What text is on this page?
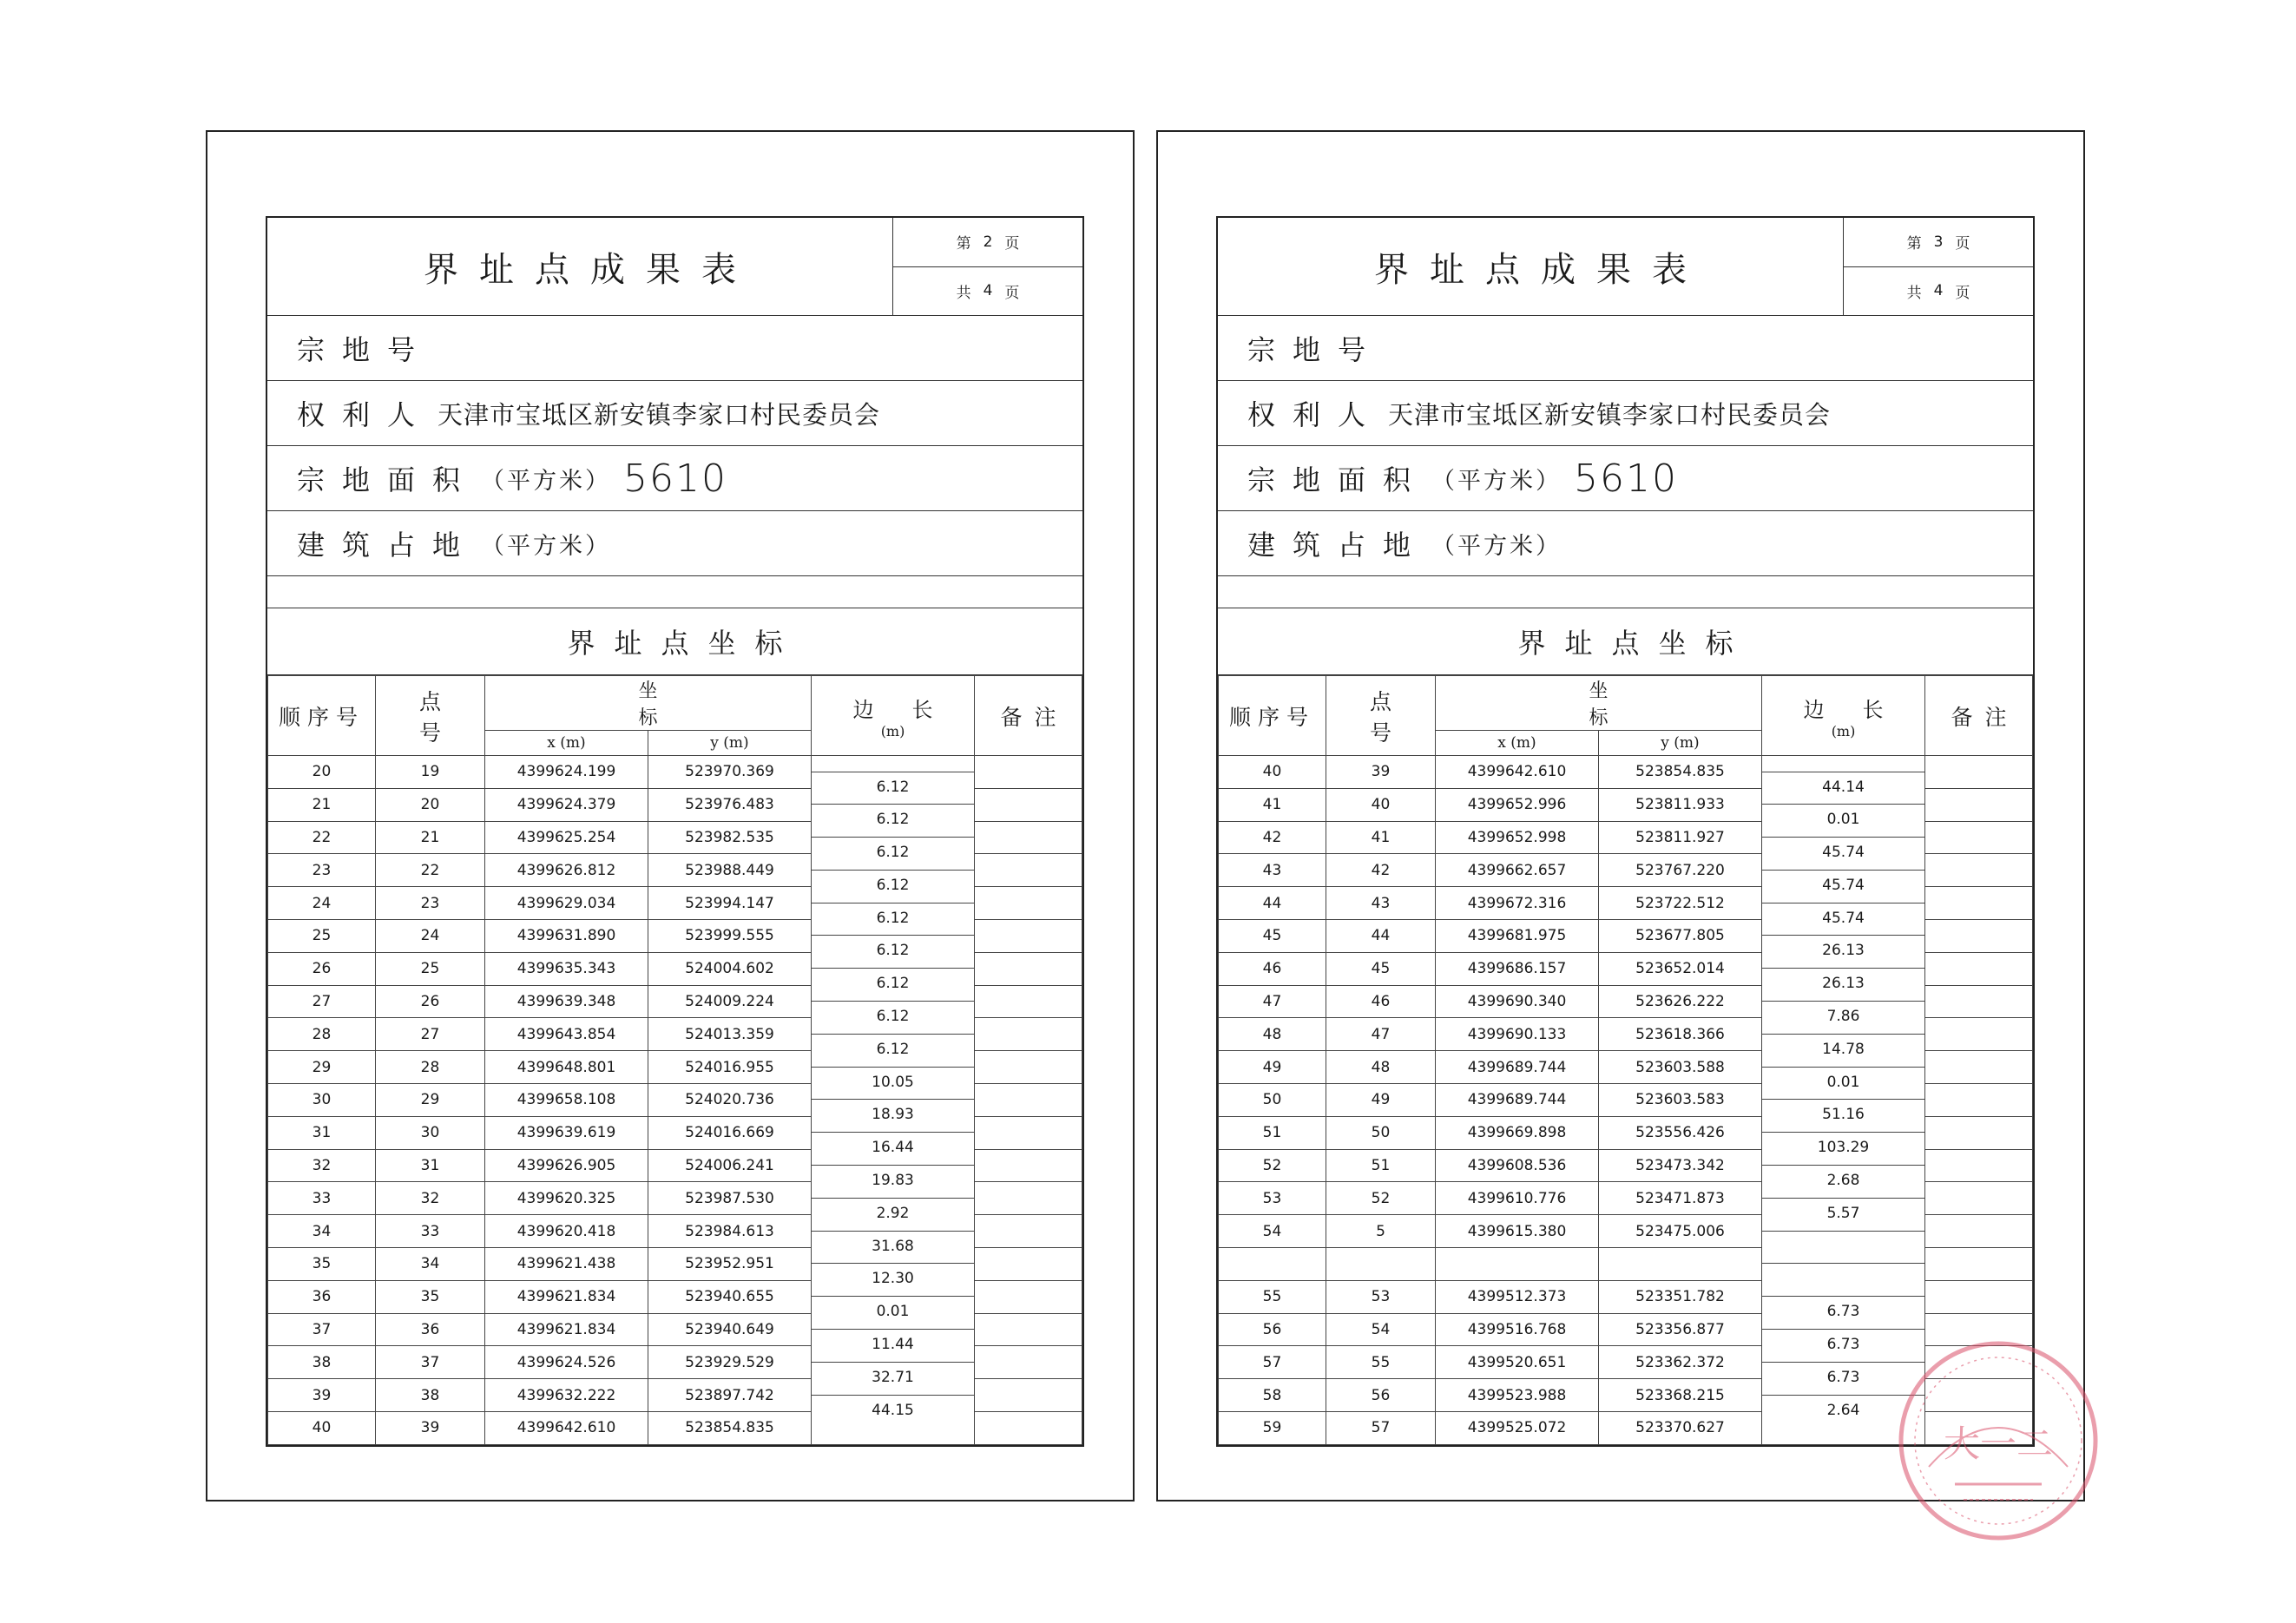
界址点成果表
第 2 页
共 4 页
宗地号
权利人 天津市宝坻区新安镇李家口村民委员会
宗地面积 （平方米） 5610
建筑占地 （平方米）
界址点坐标
顺序号	点号	坐标		边长
(m)	备注
		x (m)	y (m)		
20	19	4399624.199	523970.369	6.12	

21	20	4399624.379	523976.483	6.12	

22	21	4399625.254	523982.535	6.12	

23	22	4399626.812	523988.449	6.12	

24	23	4399629.034	523994.147	6.12	

25	24	4399631.890	523999.555	6.12	

26	25	4399635.343	524004.602	6.12	

27	26	4399639.348	524009.224	6.12	

28	27	4399643.854	524013.359	6.12	

29	28	4399648.801	524016.955	10.05	

30	29	4399658.108	524020.736	18.93	

31	30	4399639.619	524016.669	16.44	

32	31	4399626.905	524006.241	19.83	

33	32	4399620.325	523987.530	2.92	

34	33	4399620.418	523984.613	31.68	

35	34	4399621.438	523952.951	12.30	

36	35	4399621.834	523940.655	0.01	

37	36	4399621.834	523940.649	11.44	

38	37	4399624.526	523929.529	32.71	

39	38	4399632.222	523897.742	44.15	

40	39	4399642.610	523854.835		
界址点成果表
第 3 页
共 4 页
宗地号
权利人 天津市宝坻区新安镇李家口村民委员会
宗地面积 （平方米） 5610
建筑占地 （平方米）
界址点坐标
顺序号	点号	坐标		边长
(m)	备注
		x (m)	y (m)		
40	39	4399642.610	523854.835	44.14	

41	40	4399652.996	523811.933	0.01	

42	41	4399652.998	523811.927	45.74	

43	42	4399662.657	523767.220	45.74	

44	43	4399672.316	523722.512	45.74	

45	44	4399681.975	523677.805	26.13	

46	45	4399686.157	523652.014	26.13	

47	46	4399690.340	523626.222	7.86	

48	47	4399690.133	523618.366	14.78	

49	48	4399689.744	523603.588	0.01	

50	49	4399689.744	523603.583	51.16	

51	50	4399669.898	523556.426	103.29	

52	51	4399608.536	523473.342	2.68	

53	52	4399610.776	523471.873	5.57	

54	5	4399615.380	523475.006	

55	53	4399512.373	523351.782	6.73	

56	54	4399516.768	523356.877	6.73	

57	55	4399520.651	523362.372	6.73	

58	56	4399523.988	523368.215	2.64	

59	57	4399525.072	523370.627			大一二
